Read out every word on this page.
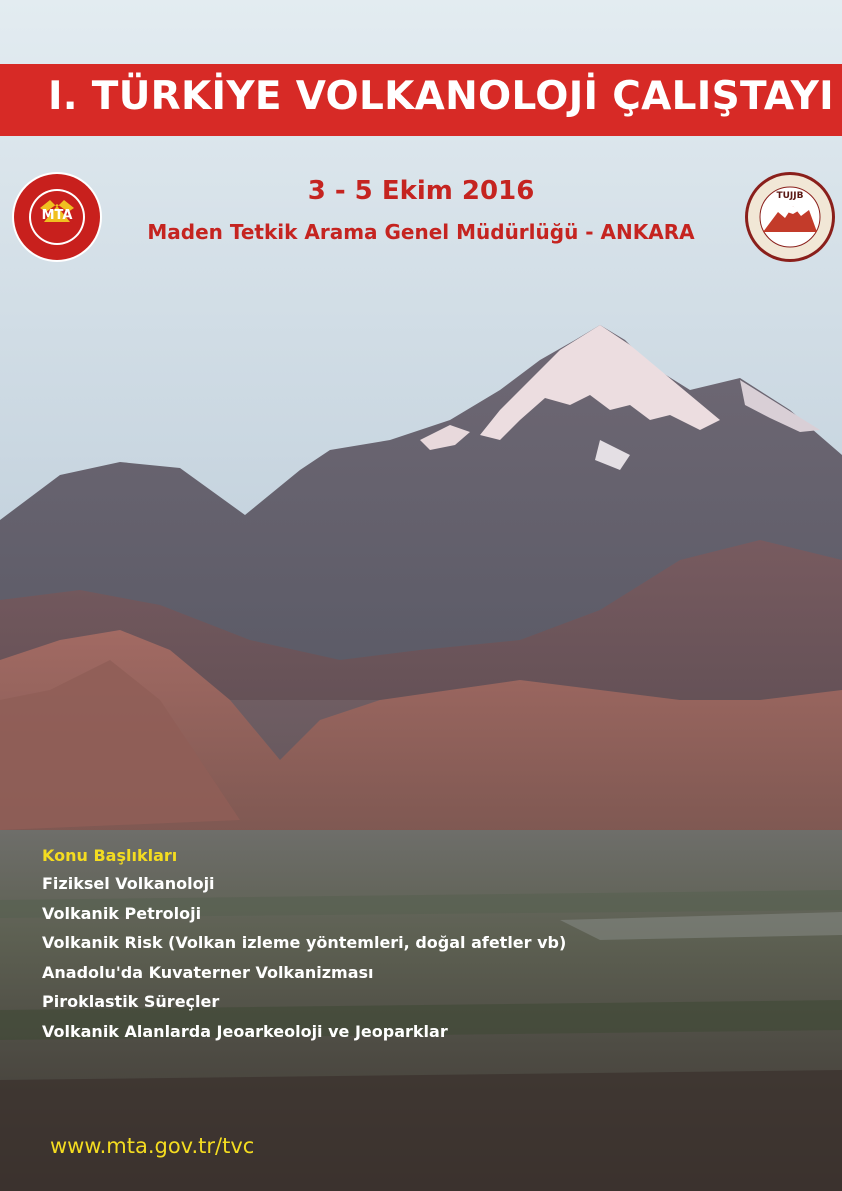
I. TÜRKİYE VOLKANOLOJİ ÇALIŞTAYI
MTA
TUJJB
3 - 5 Ekim 2016
Maden Tetkik Arama Genel Müdürlüğü - ANKARA
Konu Başlıkları
Fiziksel Volkanoloji
Volkanik Petroloji
Volkanik Risk (Volkan izleme yöntemleri, doğal afetler vb)
Anadolu'da Kuvaterner Volkanizması
Piroklastik Süreçler
Volkanik Alanlarda Jeoarkeoloji ve Jeoparklar
www.mta.gov.tr/tvc
